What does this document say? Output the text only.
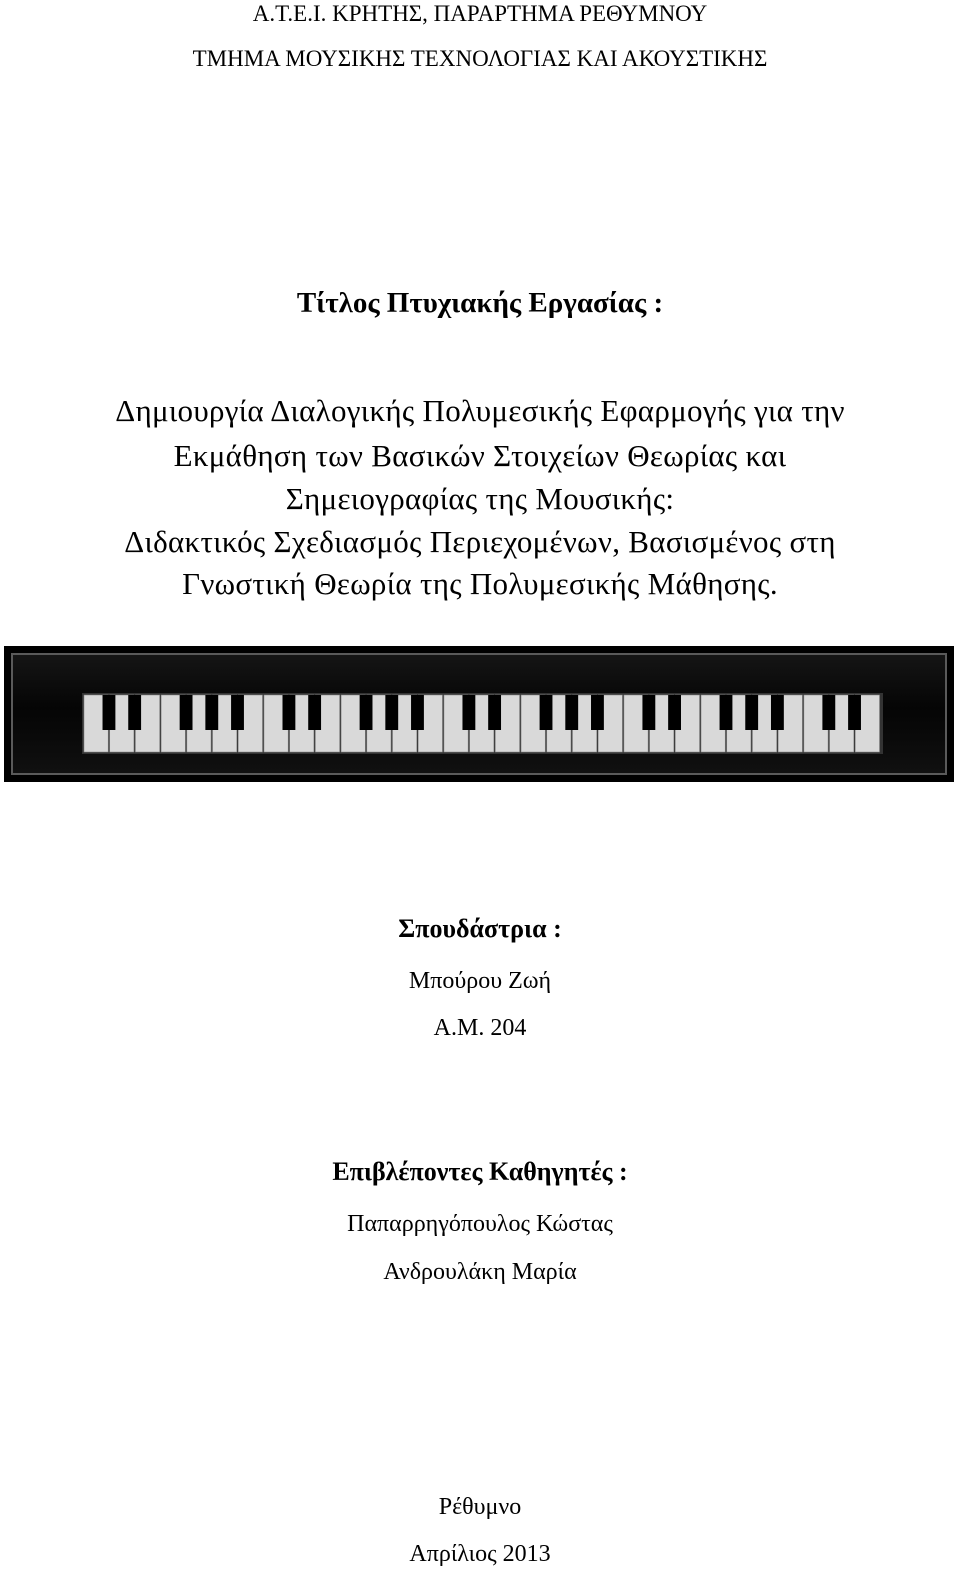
Α.Τ.Ε.Ι. ΚΡΗΤΗΣ, ΠΑΡΑΡΤΗΜΑ ΡΕΘΥΜΝΟΥ
ΤΜΗΜΑ ΜΟΥΣΙΚΗΣ ΤΕΧΝΟΛΟΓΙΑΣ ΚΑΙ ΑΚΟΥΣΤΙΚΗΣ
Τίτλος Πτυχιακής Εργασίας :
Δημιουργία Διαλογικής Πολυμεσικής Εφαρμογής για την
Εκμάθηση των Βασικών Στοιχείων Θεωρίας και
Σημειογραφίας της Μουσικής:
Διδακτικός Σχεδιασμός Περιεχομένων, Βασισμένος στη
Γνωστική Θεωρία της Πολυμεσικής Μάθησης.
Σπουδάστρια :
Μπούρου Ζωή
Α.Μ. 204
Επιβλέποντες Καθηγητές :
Παπαρρηγόπουλος Κώστας
Ανδρουλάκη Μαρία
Ρέθυμνο
Απρίλιος 2013
